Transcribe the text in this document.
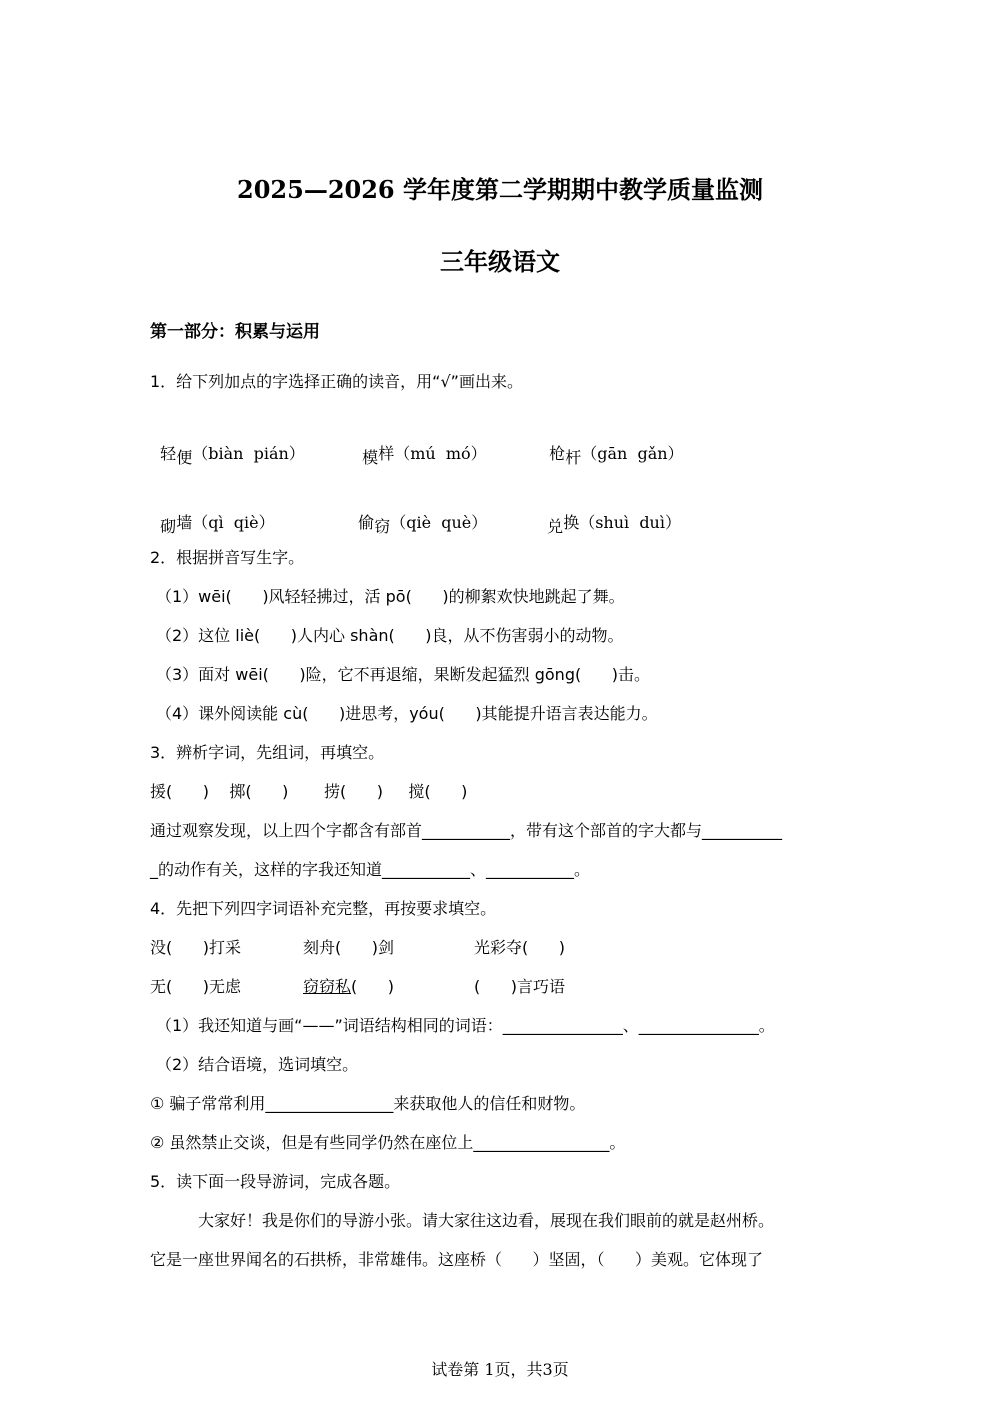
2025—2026 学年度第二学期期中教学质量监测
三年级语文
第一部分：积累与运用
1．给下列加点的字选择正确的读音，用“√”画出来。

轻便（biàn  pián）	模样（mú  mó）	枪杆（gān  gǎn）

砌墙（qì  qiè）	偷窃（qiè  què）	兑换（shuì  duì）

2．根据拼音写生字。
（1）wēi(      )风轻轻拂过，活 pō(      )的柳絮欢快地跳起了舞。
（2）这位 liè(      )人内心 shàn(      )良，从不伤害弱小的动物。
（3）面对 wēi(      )险，它不再退缩，果断发起猛烈 gōng(      )击。
（4）课外阅读能 cù(      )进思考，yóu(      )其能提升语言表达能力。
3．辨析字词，先组词，再填空。
援(      )    掷(      )       捞(      )     搅(      )
通过观察发现，以上四个字都含有部首___________，带有这个部首的字大都与__________
_的动作有关，这样的字我还知道___________、___________。
4．先把下列四字词语补充完整，再按要求填空。
没(      )打采	刻舟(      )剑	光彩夺(      )
无(      )无虑	窃窃私(      )	(      )言巧语
（1）我还知道与画“——”词语结构相同的词语：_______________、_______________。
（2）结合语境，选词填空。
① 骗子常常利用________________来获取他人的信任和财物。
② 虽然禁止交谈，但是有些同学仍然在座位上_________________。
5．读下面一段导游词，完成各题。
大家好！我是你们的导游小张。请大家往这边看，展现在我们眼前的就是赵州桥。
它是一座世界闻名的石拱桥，非常雄伟。这座桥（      ）坚固，（      ）美观。它体现了
试卷第 1页，共3页
